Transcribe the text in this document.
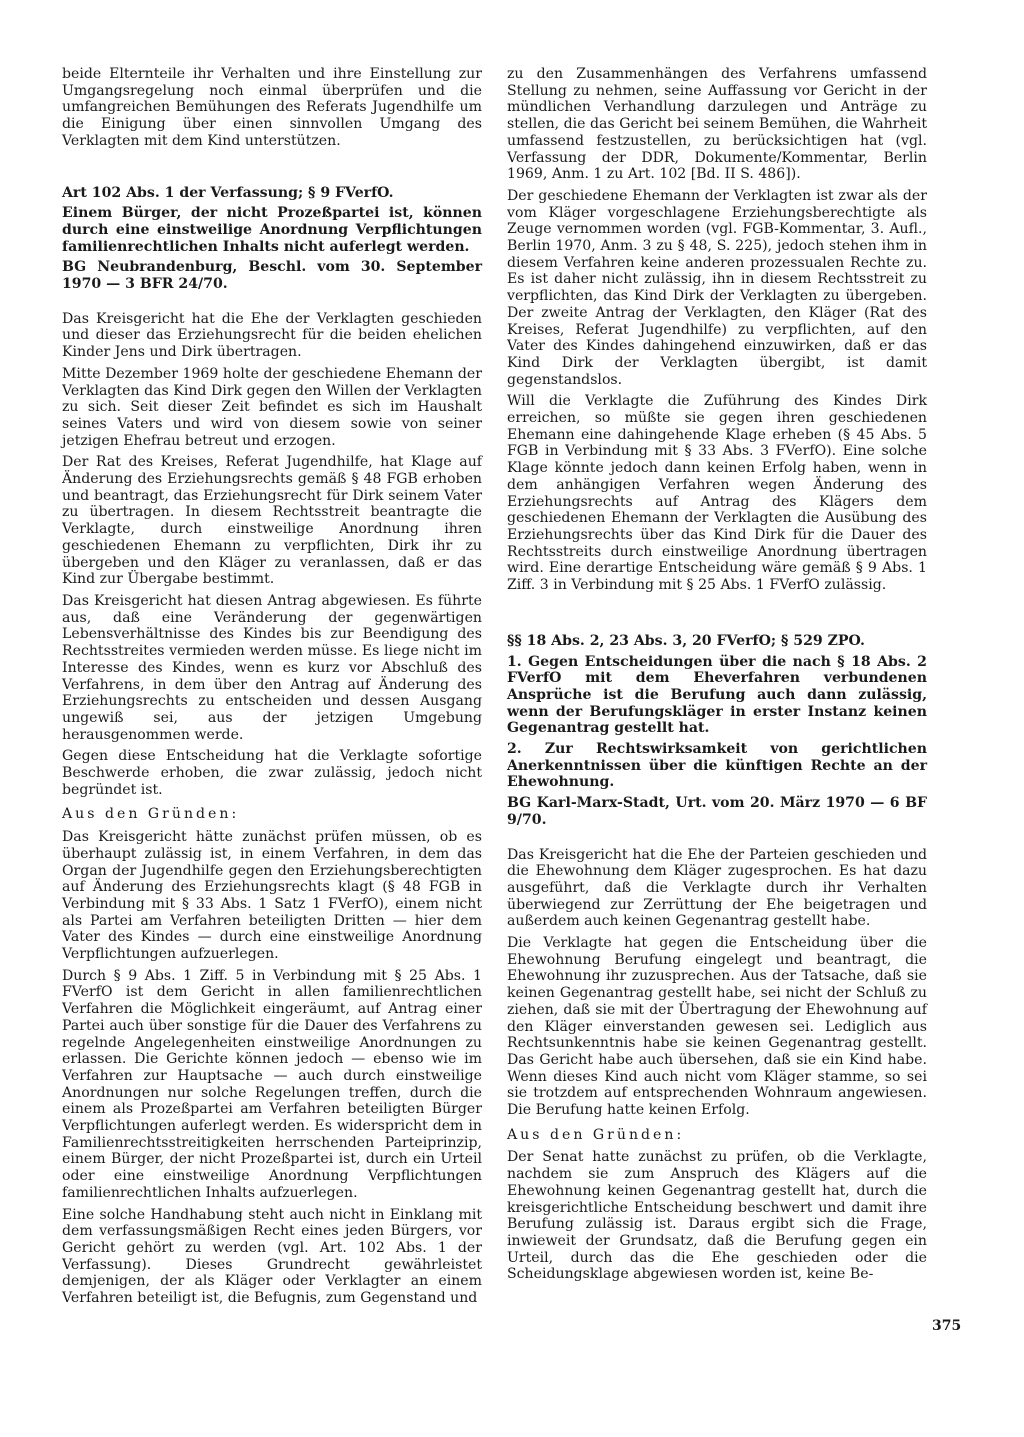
beide Elternteile ihr Verhalten und ihre Einstellung zur Umgangsregelung noch einmal überprüfen und die umfangreichen Bemühungen des Referats Jugendhilfe um die Einigung über einen sinnvollen Umgang des Verklagten mit dem Kind unterstützen.

Art 102 Abs. 1 der Verfassung; § 9 FVerfO.

Einem Bürger, der nicht Prozeßpartei ist, können durch eine einstweilige Anordnung Verpflichtungen familienrechtlichen Inhalts nicht auferlegt werden.

BG Neubrandenburg, Beschl. vom 30. September 1970 — 3 BFR 24/70.

Das Kreisgericht hat die Ehe der Verklagten geschieden und dieser das Erziehungsrecht für die beiden ehelichen Kinder Jens und Dirk übertragen.

Mitte Dezember 1969 holte der geschiedene Ehemann der Verklagten das Kind Dirk gegen den Willen der Verklagten zu sich. Seit dieser Zeit befindet es sich im Haushalt seines Vaters und wird von diesem sowie von seiner jetzigen Ehefrau betreut und erzogen.

Der Rat des Kreises, Referat Jugendhilfe, hat Klage auf Änderung des Erziehungsrechts gemäß § 48 FGB erhoben und beantragt, das Erziehungsrecht für Dirk seinem Vater zu übertragen. In diesem Rechtsstreit beantragte die Verklagte, durch einstweilige Anordnung ihren geschiedenen Ehemann zu verpflichten, Dirk ihr zu übergeben und den Kläger zu veranlassen, daß er das Kind zur Übergabe bestimmt.

Das Kreisgericht hat diesen Antrag abgewiesen. Es führte aus, daß eine Veränderung der gegenwärtigen Lebensverhältnisse des Kindes bis zur Beendigung des Rechtsstreites vermieden werden müsse. Es liege nicht im Interesse des Kindes, wenn es kurz vor Abschluß des Verfahrens, in dem über den Antrag auf Änderung des Erziehungsrechts zu entscheiden und dessen Ausgang ungewiß sei, aus der jetzigen Umgebung herausgenommen werde.

Gegen diese Entscheidung hat die Verklagte sofortige Beschwerde erhoben, die zwar zulässig, jedoch nicht begründet ist.

Aus den Gründen:

Das Kreisgericht hätte zunächst prüfen müssen, ob es überhaupt zulässig ist, in einem Verfahren, in dem das Organ der Jugendhilfe gegen den Erziehungsberechtigten auf Änderung des Erziehungsrechts klagt (§ 48 FGB in Verbindung mit § 33 Abs. 1 Satz 1 FVerfO), einem nicht als Partei am Verfahren beteiligten Dritten — hier dem Vater des Kindes — durch eine einstweilige Anordnung Verpflichtungen aufzuerlegen.

Durch § 9 Abs. 1 Ziff. 5 in Verbindung mit § 25 Abs. 1 FVerfO ist dem Gericht in allen familienrechtlichen Verfahren die Möglichkeit eingeräumt, auf Antrag einer Partei auch über sonstige für die Dauer des Verfahrens zu regelnde Angelegenheiten einstweilige Anordnungen zu erlassen. Die Gerichte können jedoch — ebenso wie im Verfahren zur Hauptsache — auch durch einstweilige Anordnungen nur solche Regelungen treffen, durch die einem als Prozeßpartei am Verfahren beteiligten Bürger Verpflichtungen auferlegt werden. Es widerspricht dem in Familienrechtsstreitigkeiten herrschenden Parteiprinzip, einem Bürger, der nicht Prozeßpartei ist, durch ein Urteil oder eine einstweilige Anordnung Verpflichtungen familienrechtlichen Inhalts aufzuerlegen.

Eine solche Handhabung steht auch nicht in Einklang mit dem verfassungsmäßigen Recht eines jeden Bürgers, vor Gericht gehört zu werden (vgl. Art. 102 Abs. 1 der Verfassung). Dieses Grundrecht gewährleistet demjenigen, der als Kläger oder Verklagter an einem Verfahren beteiligt ist, die Befugnis, zum Gegenstand und

zu den Zusammenhängen des Verfahrens umfassend Stellung zu nehmen, seine Auffassung vor Gericht in der mündlichen Verhandlung darzulegen und Anträge zu stellen, die das Gericht bei seinem Bemühen, die Wahrheit umfassend festzustellen, zu berücksichtigen hat (vgl. Verfassung der DDR, Dokumente/Kommentar, Berlin 1969, Anm. 1 zu Art. 102 [Bd. II S. 486]).

Der geschiedene Ehemann der Verklagten ist zwar als der vom Kläger vorgeschlagene Erziehungsberechtigte als Zeuge vernommen worden (vgl. FGB-Kommentar, 3. Aufl., Berlin 1970, Anm. 3 zu § 48, S. 225), jedoch stehen ihm in diesem Verfahren keine anderen prozessualen Rechte zu. Es ist daher nicht zulässig, ihn in diesem Rechtsstreit zu verpflichten, das Kind Dirk der Verklagten zu übergeben. Der zweite Antrag der Verklagten, den Kläger (Rat des Kreises, Referat Jugendhilfe) zu verpflichten, auf den Vater des Kindes dahingehend einzuwirken, daß er das Kind Dirk der Verklagten übergibt, ist damit gegenstandslos.

Will die Verklagte die Zuführung des Kindes Dirk erreichen, so müßte sie gegen ihren geschiedenen Ehemann eine dahingehende Klage erheben (§ 45 Abs. 5 FGB in Verbindung mit § 33 Abs. 3 FVerfO). Eine solche Klage könnte jedoch dann keinen Erfolg haben, wenn in dem anhängigen Verfahren wegen Änderung des Erziehungsrechts auf Antrag des Klägers dem geschiedenen Ehemann der Verklagten die Ausübung des Erziehungsrechts über das Kind Dirk für die Dauer des Rechtsstreits durch einstweilige Anordnung übertragen wird. Eine derartige Entscheidung wäre gemäß § 9 Abs. 1 Ziff. 3 in Verbindung mit § 25 Abs. 1 FVerfO zulässig.

§§ 18 Abs. 2, 23 Abs. 3, 20 FVerfO; § 529 ZPO.

1. Gegen Entscheidungen über die nach § 18 Abs. 2 FVerfO mit dem Eheverfahren verbundenen Ansprüche ist die Berufung auch dann zulässig, wenn der Berufungskläger in erster Instanz keinen Gegenantrag gestellt hat.

2. Zur Rechtswirksamkeit von gerichtlichen Anerkenntnissen über die künftigen Rechte an der Ehewohnung.

BG Karl-Marx-Stadt, Urt. vom 20. März 1970 — 6 BF 9/70.

Das Kreisgericht hat die Ehe der Parteien geschieden und die Ehewohnung dem Kläger zugesprochen. Es hat dazu ausgeführt, daß die Verklagte durch ihr Verhalten überwiegend zur Zerrüttung der Ehe beigetragen und außerdem auch keinen Gegenantrag gestellt habe.

Die Verklagte hat gegen die Entscheidung über die Ehewohnung Berufung eingelegt und beantragt, die Ehewohnung ihr zuzusprechen. Aus der Tatsache, daß sie keinen Gegenantrag gestellt habe, sei nicht der Schluß zu ziehen, daß sie mit der Übertragung der Ehewohnung auf den Kläger einverstanden gewesen sei. Lediglich aus Rechtsunkenntnis habe sie keinen Gegenantrag gestellt. Das Gericht habe auch übersehen, daß sie ein Kind habe. Wenn dieses Kind auch nicht vom Kläger stamme, so sei sie trotzdem auf entsprechenden Wohnraum angewiesen. Die Berufung hatte keinen Erfolg.

Aus den Gründen:

Der Senat hatte zunächst zu prüfen, ob die Verklagte, nachdem sie zum Anspruch des Klägers auf die Ehewohnung keinen Gegenantrag gestellt hat, durch die kreisgerichtliche Entscheidung beschwert und damit ihre Berufung zulässig ist. Daraus ergibt sich die Frage, inwieweit der Grundsatz, daß die Berufung gegen ein Urteil, durch das die Ehe geschieden oder die Scheidungsklage abgewiesen worden ist, keine Be-

375
